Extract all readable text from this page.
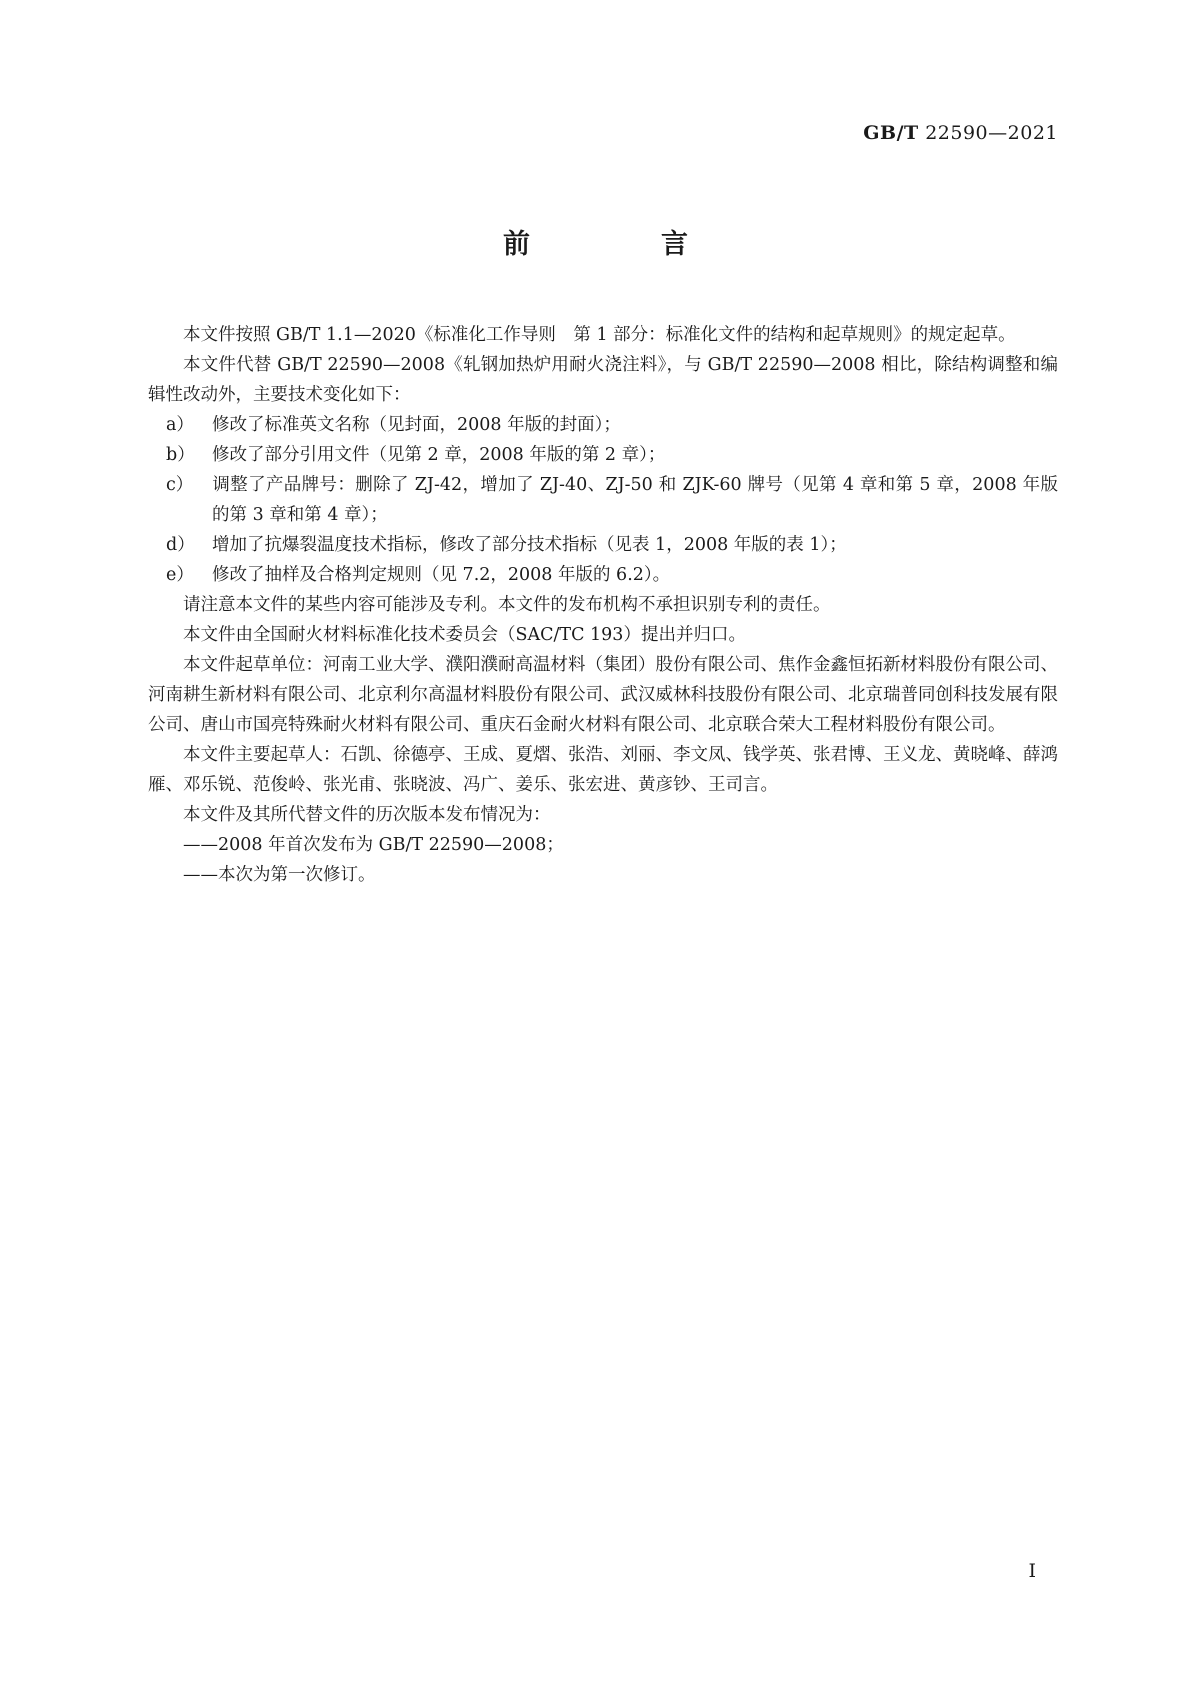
GB/T 22590—2021
前　言

本文件按照 GB/T 1.1—2020《标准化工作导则　第 1 部分：标准化文件的结构和起草规则》的规定起草。

本文件代替 GB/T 22590—2008《轧钢加热炉用耐火浇注料》，与 GB/T 22590—2008 相比，除结构调整和编辑性改动外，主要技术变化如下：

a） 修改了标准英文名称（见封面，2008 年版的封面）；

b） 修改了部分引用文件（见第 2 章，2008 年版的第 2 章）；

c） 调整了产品牌号：删除了 ZJ-42，增加了 ZJ-40、ZJ-50 和 ZJK-60 牌号（见第 4 章和第 5 章，2008 年版的第 3 章和第 4 章）；

d） 增加了抗爆裂温度技术指标，修改了部分技术指标（见表 1，2008 年版的表 1）；

e） 修改了抽样及合格判定规则（见 7.2，2008 年版的 6.2）。

请注意本文件的某些内容可能涉及专利。本文件的发布机构不承担识别专利的责任。

本文件由全国耐火材料标准化技术委员会（SAC/TC 193）提出并归口。

本文件起草单位：河南工业大学、濮阳濮耐高温材料（集团）股份有限公司、焦作金鑫恒拓新材料股份有限公司、河南耕生新材料有限公司、北京利尔高温材料股份有限公司、武汉威林科技股份有限公司、北京瑞普同创科技发展有限公司、唐山市国亮特殊耐火材料有限公司、重庆石金耐火材料有限公司、北京联合荣大工程材料股份有限公司。

本文件主要起草人：石凯、徐德亭、王成、夏熠、张浩、刘丽、李文凤、钱学英、张君博、王义龙、黄晓峰、薛鸿雁、邓乐锐、范俊岭、张光甫、张晓波、冯广、姜乐、张宏进、黄彦钞、王司言。

本文件及其所代替文件的历次版本发布情况为：

——2008 年首次发布为 GB/T 22590—2008；

——本次为第一次修订。

I
